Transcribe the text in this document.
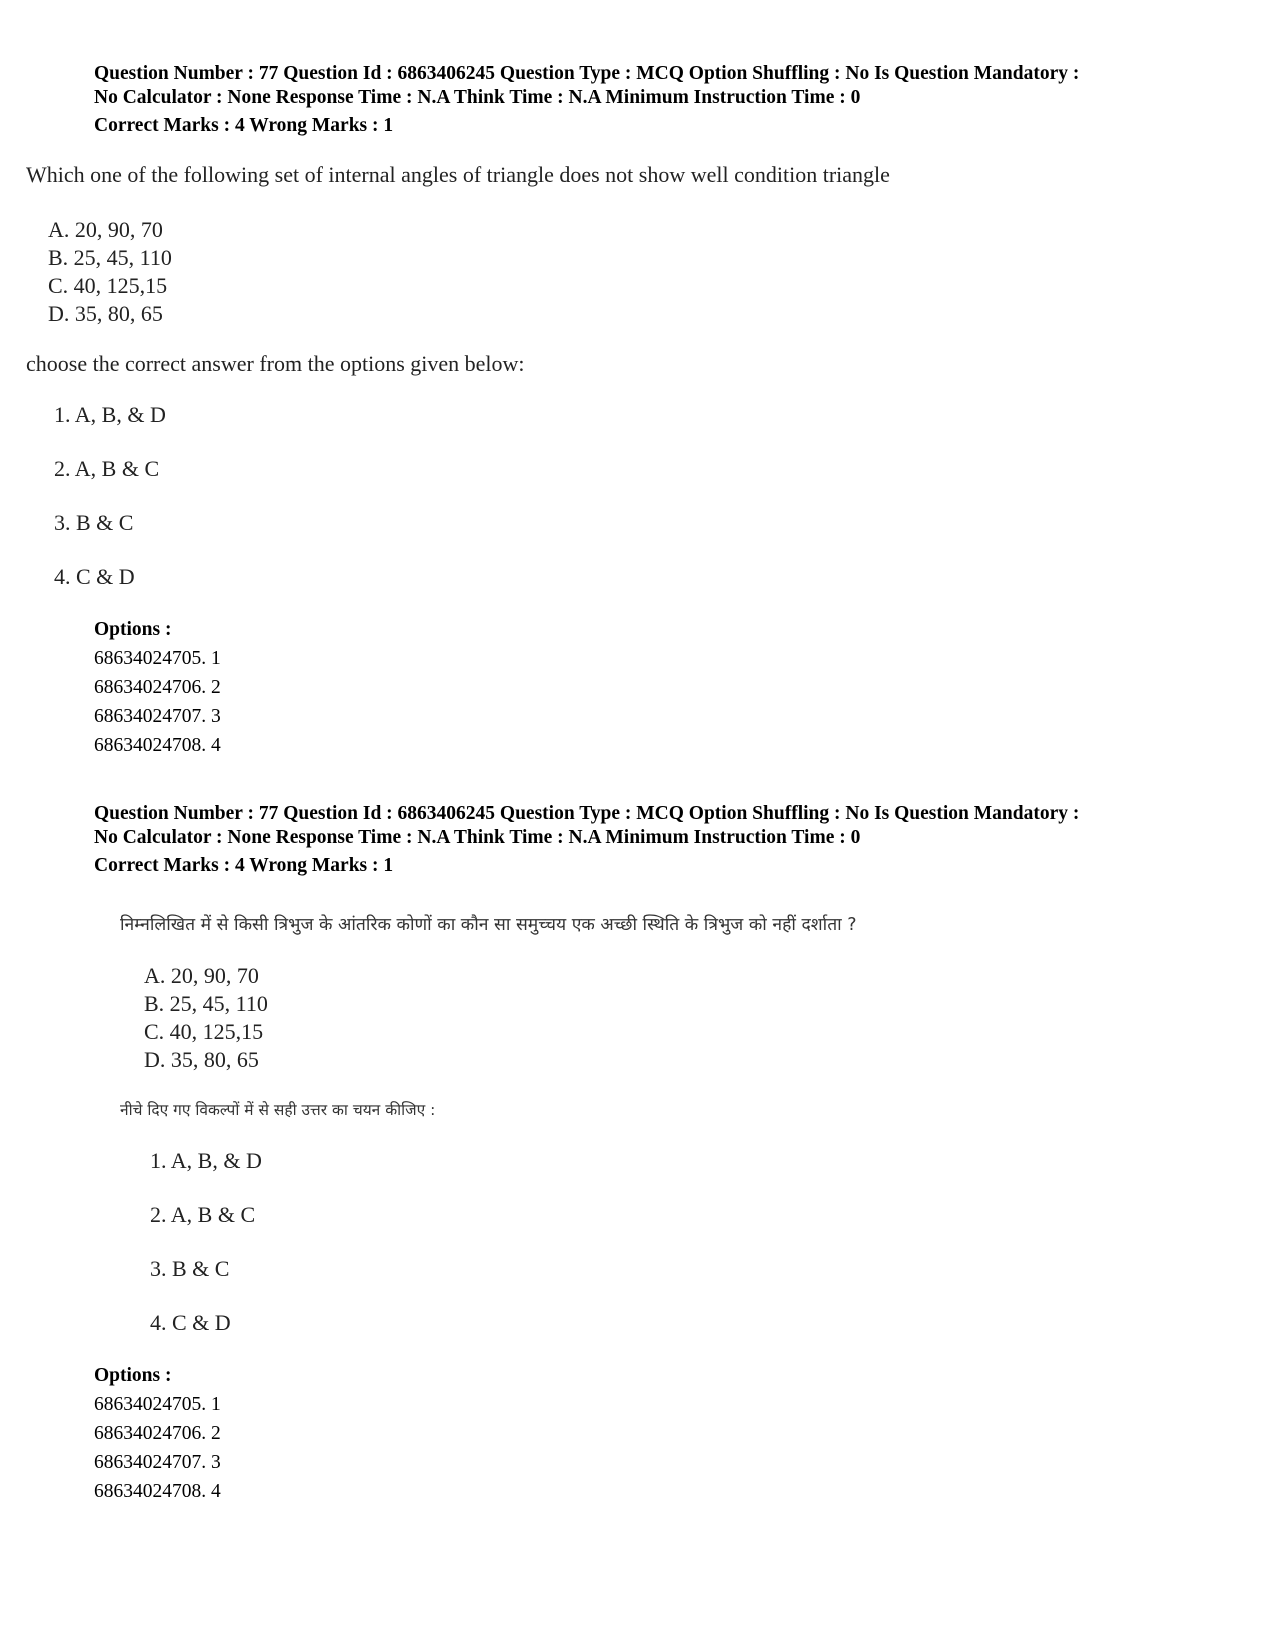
Question Number : 77 Question Id : 6863406245 Question Type : MCQ Option Shuffling : No Is Question Mandatory :

No Calculator : None Response Time : N.A Think Time : N.A Minimum Instruction Time : 0

Correct Marks : 4 Wrong Marks : 1

Which one of the following set of internal angles of triangle does not show well condition triangle
A. 20, 90, 70
B. 25, 45, 110
C. 40, 125,15
D. 35, 80, 65
choose the correct answer from the options given below:
1. A, B, & D
2. A, B & C
3. B & C
4. C & D
Options :
68634024705. 1
68634024706. 2
68634024707. 3
68634024708. 4

Question Number : 77 Question Id : 6863406245 Question Type : MCQ Option Shuffling : No Is Question Mandatory :

No Calculator : None Response Time : N.A Think Time : N.A Minimum Instruction Time : 0

Correct Marks : 4 Wrong Marks : 1

निम्नलिखित में से किसी त्रिभुज के आंतरिक कोणों का कौन सा समुच्चय एक अच्छी स्थिति के त्रिभुज को नहीं दर्शाता ?
A. 20, 90, 70
B. 25, 45, 110
C. 40, 125,15
D. 35, 80, 65
नीचे दिए गए विकल्पों में से सही उत्तर का चयन कीजिए :
1. A, B, & D
2. A, B & C
3. B & C
4. C & D
Options :
68634024705. 1
68634024706. 2
68634024707. 3
68634024708. 4
